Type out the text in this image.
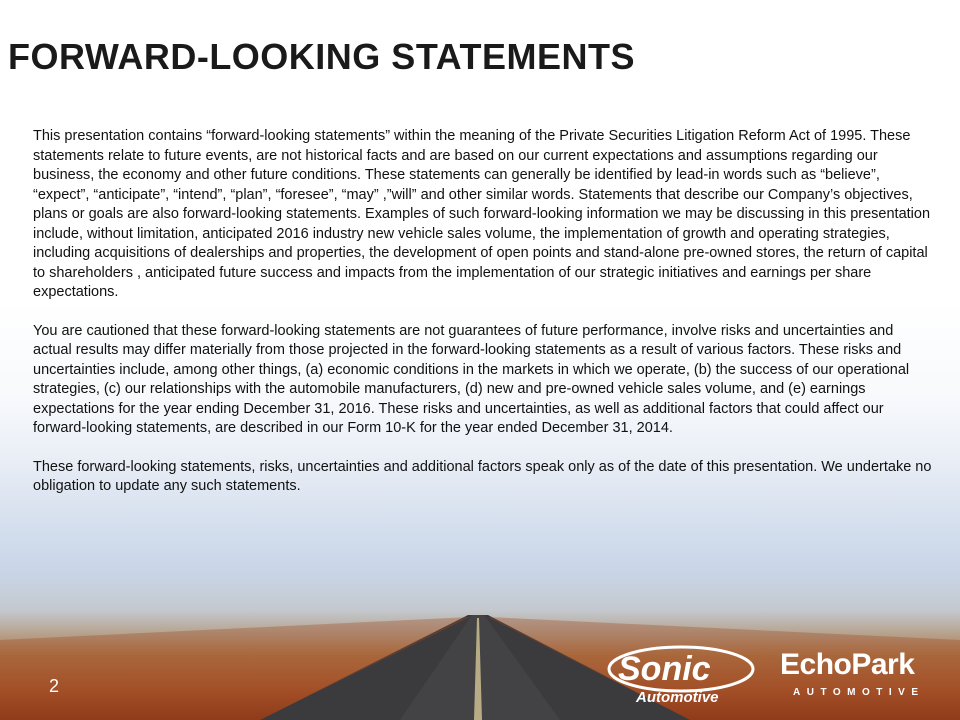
FORWARD-LOOKING STATEMENTS

This presentation contains “forward-looking statements” within the meaning of the Private Securities Litigation Reform Act of 1995. These statements relate to future events, are not historical facts and are based on our current expectations and assumptions regarding our business, the economy and other future conditions. These statements can generally be identified by lead-in words such as “believe”, “expect”, “anticipate”, “intend”, “plan”, “foresee”, “may” ,”will” and other similar words. Statements that describe our Company’s objectives, plans or goals are also forward-looking statements. Examples of such forward-looking information we may be discussing in this presentation include, without limitation, anticipated 2016 industry new vehicle sales volume, the implementation of growth and operating strategies, including acquisitions of dealerships and properties, the development of open points and stand-alone pre-owned stores, the return of capital to shareholders , anticipated future success and impacts from the implementation of our strategic initiatives and earnings per share expectations.

You are cautioned that these forward-looking statements are not guarantees of future performance, involve risks and uncertainties and actual results may differ materially from those projected in the forward-looking statements as a result of various factors. These risks and uncertainties include, among other things, (a) economic conditions in the markets in which we operate, (b) the success of our operational strategies, (c) our relationships with the automobile manufacturers, (d) new and pre-owned vehicle sales volume, and (e) earnings expectations for the year ending December 31, 2016. These risks and uncertainties, as well as additional factors that could affect our forward-looking statements, are described in our Form 10-K for the year ended December 31, 2014.

These forward-looking statements, risks, uncertainties and additional factors speak only as of the date of this presentation. We undertake no obligation to update any such statements.

2	Sonic
Automotive
EchoPark
AUTOMOTIVE
